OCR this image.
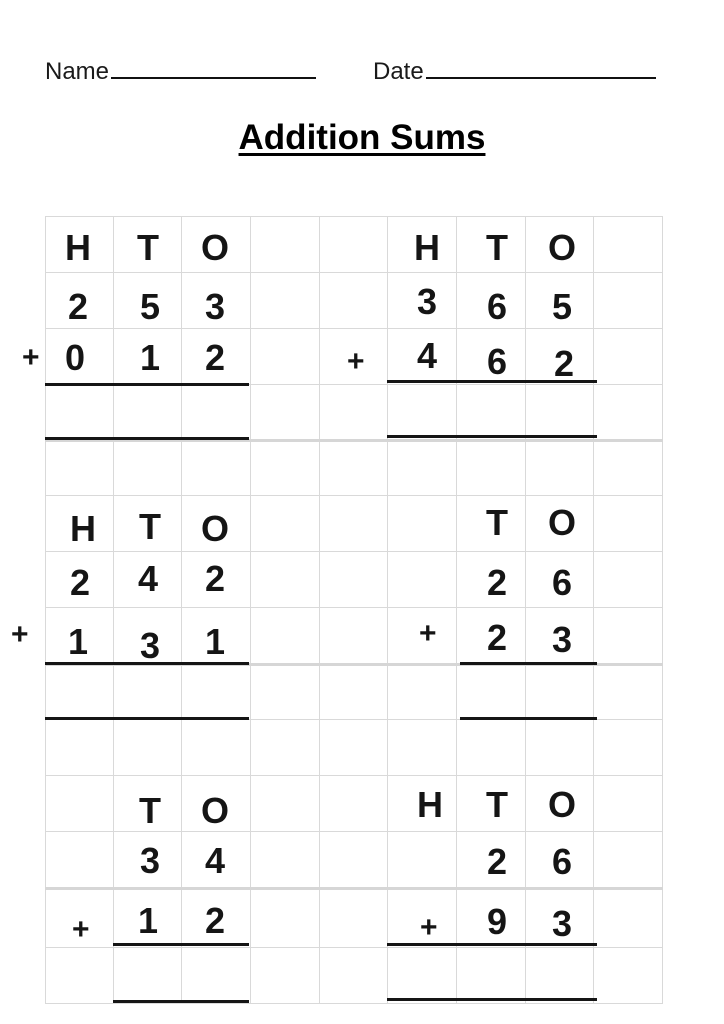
Name	Date
Addition Sums
H T O
2 5 3
+ 0 1 2
H T O
3 6 5
+ 4 6 2
H T O
2 4 2
+ 1 3 1
T O
2 6
+ 2 3
T O
3 4
+ 1 2
H T O
2 6
+ 9 3
